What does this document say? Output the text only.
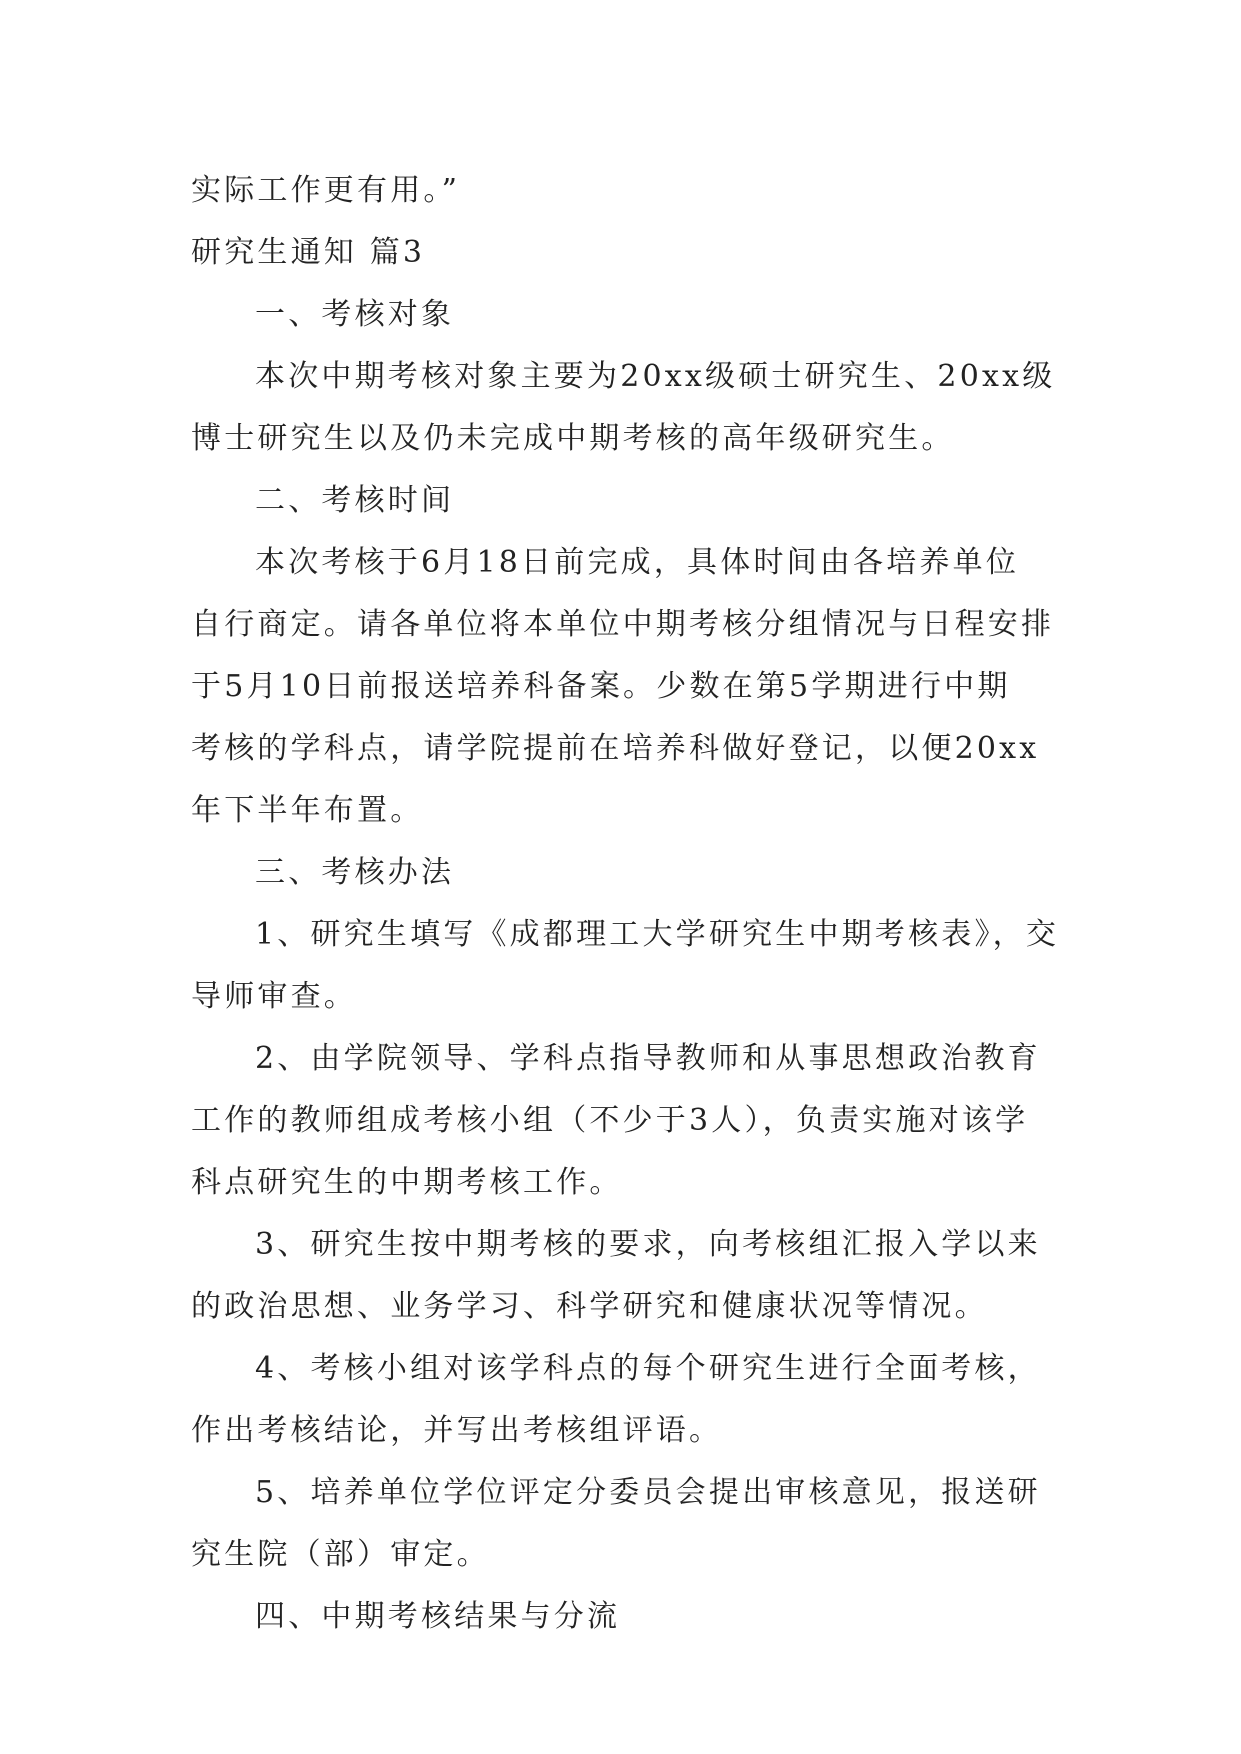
实际工作更有用。”
研究生通知 篇3
一、考核对象
本次中期考核对象主要为20xx级硕士研究生、20xx级
博士研究生以及仍未完成中期考核的高年级研究生。
二、考核时间
本次考核于6月18日前完成，具体时间由各培养单位
自行商定。请各单位将本单位中期考核分组情况与日程安排
于5月10日前报送培养科备案。少数在第5学期进行中期
考核的学科点，请学院提前在培养科做好登记，以便20xx
年下半年布置。
三、考核办法
1、研究生填写《成都理工大学研究生中期考核表》，交
导师审查。
2、由学院领导、学科点指导教师和从事思想政治教育
工作的教师组成考核小组（不少于3人），负责实施对该学
科点研究生的中期考核工作。
3、研究生按中期考核的要求，向考核组汇报入学以来
的政治思想、业务学习、科学研究和健康状况等情况。
4、考核小组对该学科点的每个研究生进行全面考核，
作出考核结论，并写出考核组评语。
5、培养单位学位评定分委员会提出审核意见，报送研
究生院（部）审定。
四、中期考核结果与分流
